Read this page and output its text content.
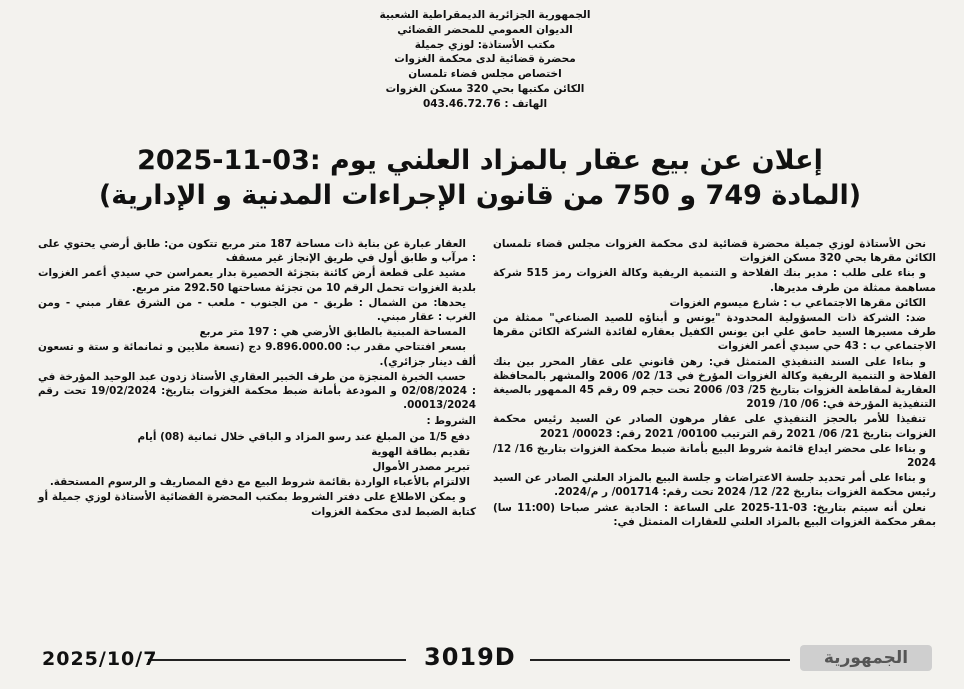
الجمهورية الجزائرية الديمقراطية الشعبية
الديوان العمومي للمحضر القضائي
مكتب الأستاذة: لوزي جميلة
محضرة قضائية لدى محكمة الغزوات
اختصاص مجلس قضاء تلمسان
الكائن مكتبها بحي 320 مسكن الغزوات
الهاتف : 043.46.72.76
إعلان عن بيع عقار بالمزاد العلني يوم :03-11-2025
(المادة 749 و 750 من قانون الإجراءات المدنية و الإدارية)

نحن الأستاذة لوزي جميلة محضرة قضائية لدى محكمة الغزوات مجلس قضاء تلمسان الكائن مقرها بحي 320 مسكن الغزوات

و بناء على طلب : مدير بنك الفلاحة و التنمية الريفية وكالة الغزوات رمز 515 شركة مساهمة ممثلة من طرف مديرها.

الكائن مقرها الاجتماعي ب : شارع ميسوم الغزوات

ضد: الشركة ذات المسؤولية المحدودة "يونس و أبناؤه للصيد الصناعي" ممثلة من طرف مسيرها السيد حامق علي ابن يونس الكفيل بعقاره لفائدة الشركة الكائن مقرها الاجتماعي ب : 43 حي سيدي أعمر الغزوات

و بناءا على السند التنفيذي المتمثل في: رهن قانوني على عقار المحرر بين بنك الفلاحة و التنمية الريفية وكالة الغزوات المؤرخ في 13/ 02/ 2006 والمشهر بالمحافظة العقارية لمقاطعة الغزوات بتاريخ 25/ 03/ 2006 تحت حجم 09 رقم 45 الممهور بالصيغة التنفيذية المؤرخة في: 06/ 10/ 2019

تنفيذا للأمر بالحجز التنفيذي على عقار مرهون الصادر عن السيد رئيس محكمة الغزوات بتاريخ 21/ 06/ 2021 رقم الترتيب 00100/ 2021 رقم: 00023/ 2021

و بناءا على محضر ايداع قائمة شروط البيع بأمانة ضبط محكمة الغزوات بتاريخ 16/ 12/ 2024

و بناءا على أمر تحديد جلسة الاعتراضات و جلسة البيع بالمزاد العلني الصادر عن السيد رئيس محكمة الغزوات بتاريخ 22/ 12/ 2024 تحت رقم: 001714/ ر م/2024.

نعلن أنه سيتم بتاريخ: 03-11-2025 على الساعة : الحادية عشر صباحا (11:00 سا) بمقر محكمة الغزوات البيع بالمزاد العلني للعقارات المتمثل في:

العقار عبارة عن بناية ذات مساحة 187 متر مربع تتكون من: طابق أرضي يحتوي على : مرآب و طابق أول في طريق الإنجاز غير مسقف

مشيد على قطعة أرض كائنة بتجزئة الحصيرة بدار يعمراسن حي سيدي أعمر الغزوات بلدية الغزوات تحمل الرقم 10 من تجزئة مساحتها 292.50 متر مربع.

يحدها: من الشمال : طريق - من الجنوب - ملعب - من الشرق عقار مبني - ومن الغرب : عقار مبني.

المساحة المبنية بالطابق الأرضي هي : 197 متر مربع

بسعر افتتاحي مقدر ب: 9.896.000.00 دج (تسعة ملايين و ثمانمائة و ستة و تسعون ألف دينار جزائري).

حسب الخبرة المنجزة من طرف الخبير العقاري الأستاذ زدون عبد الوحيد المؤرخة في : 02/08/2024 و المودعة بأمانة ضبط محكمة الغزوات بتاريخ: 19/02/2024 تحت رقم 00013/2024.

الشروط :

دفع 1/5 من المبلغ عند رسو المزاد و الباقي خلال ثمانية (08) أيام

تقديم بطاقة الهوية

تبرير مصدر الأموال

الالتزام بالأعباء الواردة بقائمة شروط البيع مع دفع المصاريف و الرسوم المستحقة.

و يمكن الاطلاع على دفتر الشروط بمكتب المحضرة القضائية الأستاذة لوزي جميلة أو كتابة الضبط لدى محكمة الغزوات

2025/10/7	3019D	الجمهورية
